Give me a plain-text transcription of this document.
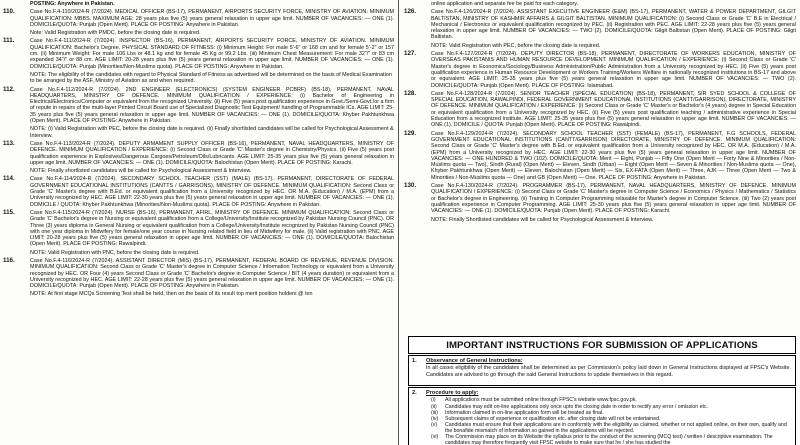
POSTING: Anywhere in Pakistan.
110.	Case No.F.4-110/2024-R (7/2024). MEDICAL OFFICER (BS-17), PERMANENT, AIRPORTS SECURITY FORCE, MINISTRY OF AVIATION. MINIMUM QUALIFICATION: MBBS. MAXIMUM AGE: 28 years plus five (5) years general relaxation in upper age limit. NUMBER OF VACANCIES: — ONE (1). DOMICILE/QUOTA: Punjab (Open Merit). PLACE OF POSTING: Anywhere in Pakistan.

Note: Valid Registration with PMDC, before the closing date is required.
111.	Case No.F.4-111/2024-R (7/2024). INSPECTOR (BS-16), PERMANENT, AIRPORTS SECURITY FORCE, MINISTRY OF AVIATION. MINIMUM QUALIFICATION: Bachelor's Degree. PHYSICAL STANDARD OF FITNESS: (i) Minimum Height: For male 5'-6" or 168 cm and for female 5'-2" or 157 cm. (ii) Minimum Weight: For male 106 Lbs or 48.1 kg and for female 45 Kg or 99.2 Lbs. (iii) Minimum Chest Measurement: For male 32"/" or 83 cm expanded 34"/" or 88 cm. AGE LIMIT: 20-28 years plus five (5) years general relaxation in upper age limit. NUMBER OF VACANCIES: — ONE (1). DOMICILE/QUOTA: Punjab (Minorities/Non-Muslims quota). PLACE OF POSTING: Anywhere in Pakistan.

NOTE: The eligibility of the candidates with regard to Physical Standard of Fitness as advertised will be determined on the basis of Medical Examination to be arranged by the ASF, Ministry of Aviation as and when required.
112.	Case No.F.4-112/2024-R (7/2024). 2ND ENGINEER (ELECTRONICS) (SYSTEM ENGINEER PCBRF) (BS-18), PERMANENT, NAVAL HEADQUARTERS, MINISTRY OF DEFENCE. MINIMUM QUALIFICATION / EXPERIENCE: (i) Bachelor of Engineering in Electrical/Electronics/Computer or equivalent from the recognized University. (ii) Five (5) years post qualification experience in Govt./Semi-Govt./or a firm of repute in repairs of the multi-layer Printed Circuit Board use of Specialized Diagnostic Test Equipment/ handling of Programmable ICs. AGE LIMIT: 25-35 years plus five (5) years general relaxation in upper age limit. NUMBER OF VACANCIES: — ONE (1). DOMICILE/QUOTA: Khyber Pakhtunkhwa (Open Merit). PLACE OF POSTING: Anywhere in Pakistan.

NOTE: (i) Valid Registration with PEC, before the closing date is required. (ii) Finally shortlisted candidates will be called for Psychological Assessment & Interview.
113.	Case No.F.4-113/2024-R (7/2024). DEPUTY ARMAMENT SUPPLY OFFICER (BS-16), PERMANENT, NAVAL HEADQUARTERS, MINISTRY OF DEFENCE. MINIMUM QUALIFICATION / EXPERIENCE: (i) Second Class or Grade 'C' Master's degree in Chemistry/Physics. (ii) Five (5) years post qualification experience in Explosives/Dangerous Cargoes/Petroleum/Oils/Lubricants. AGE LIMIT: 25-35 years plus five (5) years general relaxation in upper age limit. NUMBER OF VACANCIES: — ONE (1). DOMICILE/QUOTA: Balochistan (Open Merit). PLACE OF POSTING: Karachi.

NOTE: Finally shortlisted candidates will be called for Psychological Assessment & Interview.
114.	Case No.F.4-114/2024-R (7/2024). SECONDARY SCHOOL TEACHER (SST) (MALE) (BS-17), PERMANENT, DIRECTORATE OF FEDERAL GOVERNMENT EDUCATIONAL INSTITUTIONS (CANTTS / GARRISONS), MINISTRY OF DEFENCE. MINIMUM QUALIFICATION: Second Class or Grade 'C' Master's degree with B.Ed. or equivalent qualification from a University recognized by HEC. OR M.A. (Education) / M.A. (EPM) from a University recognized by HEC. AGE LIMIT: 22-30 years plus five (5) years general relaxation in upper age limit. NUMBER OF VACANCIES: — ONE (1). DOMICILE / QUOTA: Khyber Pakhtunkhwa (Minorities/Non-Muslims quota). PLACE OF POSTING: Anywhere in Pakistan.

115.	Case No.F.4-115/2024-R (7/2024). NURSE (BS-16), PERMANENT, AFIRL, MINISTRY OF DEFENCE. MINIMUM QUALIFICATION: Second Class or Grade 'C' Bachelor's degree in Nursing or equivalent qualification from a College/University/Institute recognized by Pakistan Nursing Council (PNC). OR Three (3) years diploma in General Nursing or equivalent qualification from a College/University/Institute recognized by Pakistan Nursing Council (PNC) with one year diploma in Midwifery for female/one year course in Nursing related field in lieu of Midwifery for male. (ii) Valid registration with PNC. AGE LIMIT: 20-28 years plus five (5) years general relaxation in upper age limit. NUMBER OF VACANCIES: — ONE (1). DOMICILE/QUOTA: Balochistan (Open Merit). PLACE OF POSTING: Rawalpindi.

NOTE: Valid Registration with PNC, before the closing date is required.
116.	Case No.F.4-116/2024-R (7/2024). ASSISTANT DIRECTOR (MIS) (BS-17), PERMANENT, FEDERAL BOARD OF REVENUE, REVENUE DIVISION. MINIMUM QUALIFICATION: Second Class or Grade 'C' Master's degree in Computer Science / Information Technology or equivalent from a University recognized by HEC. OR Four (4) years Second Class or Grade 'C' Bachelor's degree in Computer Science / BIT (4 years duration) or equivalent from a University recognized by HEC. AGE LIMIT: 22-28 years plus five (5) years general relaxation in upper age limit. NUMBER OF VACANCIES: — ONE (1). DOMICILE/QUOTA: Punjab (Open Merit). PLACE OF POSTING: Anywhere in Pakistan.

NOTE: At first stage MCQs Screening Test shall be held, then on the basis of its result top merit position holders @ ten
online application and separate fee be paid for each category.
126.	Case No.F.4-126/2024-R (7/2024). ASSISTANT EXECUTIVE ENGINEER (E&M) (BS-17), PERMANENT, WATER & POWER DEPARTMENT, GILGIT BALTISTAN, MINISTRY OF KASHMIR AFFAIRS & GILGIT BALTISTAN. MINIMUM QUALIFICATION: (i) Second Class or Grade 'C' B.E in Electrical / Mechanical / Electronics or equivalent qualification recognized by PEC. (ii) Registration with PEC. AGE LIMIT: 22-28 years plus five (5) years general relaxation in upper age limit. NUMBER OF VACANCIES: — TWO (2). DOMICILE/QUOTA: Gilgit Baltistan (Open Merit). PLACE OF POSTING: Gilgit Baltistan.

NOTE: Valid Registration with PEC, before the closing date is required.
127.	Case No.F.4-127/2024-R (7/2024). DEPUTY DIRECTOR (BS-18), PERMANENT, DIRECTORATE OF WORKERS EDUCATION, MINISTRY OF OVERSEAS PAKISTANIS AND HUMAN RESOURCE DEVELOPMENT. MINIMUM QUALIFICATION / EXPERIENCE: (i) Second Class or Grade 'C' Master's degree in Economics/Sociology/Business Administration/Public Administration from a University recognized by HEC. (ii) Five (5) years post qualification experience in Human Resource Development or Workers Training/Workers Welfare in nationally recognized institutions in BS-17 and above or equivalent. AGE LIMIT: 25-35 years plus five (5) years general relaxation in upper age limit. NUMBER OF VACANCIES: — TWO (2). DOMICILE/QUOTA: Punjab (Open Merit). PLACE OF POSTING: Islamabad.

128.	Case No.F.4-128/2024-R (7/2024). SENIOR TEACHER (SPECIAL EDUCATION) (BS-18), PERMANENT, SIR SYED SCHOOL & COLLEGE OF SPECIAL EDUCATION, RAWALPINDI, FEDERAL GOVERNMENT EDUCATIONAL INSTITUTIONS (CANTT/GARRISON), DIRECTORATE, MINISTRY OF DEFENCE. MINIMUM QUALIFICATION / EXPERIENCE: (i) Second Class or Grade 'C' Master's or Bachelor's (4 years) degree in Special Education or equivalent qualification from a University recognized by HEC. (ii) Five (5) years post qualification teaching / administrative experience in Special Education from a recognized institute. AGE LIMIT: 25-35 years plus five (5) years general relaxation in upper age limit. NUMBER OF VACANCIES: — ONE (1). DOMICILE / QUOTA: Punjab (Open Merit). PLACE OF POSTING: Rawalpindi.

129.	Case No.F.4-129/2024-R (7/2024). SECONDARY SCHOOL TEACHER (SST) (FEMALE) (BS-17), PERMANENT, F.G SCHOOLS, FEDERAL GOVERNMENT EDUCATIONAL INSTITUTIONS (CANTT/GARRISON) DIRECTORATE, MINISTRY OF DEFENCE. MINIMUM QUALIFICATION: Second Class or Grade 'C' Master's degree with B.Ed. or equivalent qualification from a University recognized by HEC. OR M.A. (Education) / M.A. (EPM) from a University recognized by HEC. AGE LIMIT: 22-30 years plus five (5) years general relaxation in upper age limit. NUMBER OF VACANCIES: — ONE HUNDRED & TWO (102). DOMICILE/QUOTA: Merit — Eight, Punjab — Fifty One (Open Merit — Forty Nine & Minorities / Non-Muslims quota — Two), Sindh (Rural) (Open Merit) — Eleven, Sindh (Urban) — Eight (Open Merit — Seven & Minorities / Non-Muslims quota — One), Khyber Pakhtunkhwa (Open Merit) — Eleven, Balochistan (Open Merit) — Six, EX-FATA (Open Merit) — Three, AJK — Three (Open Merit — Two & Minorities / Non-Muslims quota — One) and GB (Open Merit) — One. PLACE OF POSTING: Anywhere in Pakistan.

130.	Case No.F.4-130/2024-R (7/2024). PROGRAMMER (BS-17), PERMANENT, NAVAL HEADQUARTERS, MINISTRY OF DEFENCE. MINIMUM QUALIFICATION / EXPERIENCE: (i) Second Class or Grade 'C' Master's degree in Computer Science / Economics / Physics / Mathematics / Statistics or Bachelor's degree in Engineering. (ii) Training in Computer Programming relaxable for Master's degree in Computer Science. (iii) Two (2) years post qualification experience in Computer Programming. AGE LIMIT: 25-30 years plus five (5) years general relaxation in upper age limit. NUMBER OF VACANCIES: — ONE (1). DOMICILE/QUOTA: Punjab (Open Merit). PLACE OF POSTING: Karachi.

NOTE: Finally Shortlisted candidates will be called for Psychological Assessment & Interview.
IMPORTANT INSTRUCTIONS FOR SUBMISSION OF APPLICATIONS
1.	Observance of General Instructions:
In all cases eligibility of the candidates shall be determined as per Commission's policy laid down in General Instructions displayed at FPSC's Website. Candidates are advised to go through the said General Instructions to update themselves in this regard.
2.	Procedure to apply:
(i)	All applications must be submitted online through FPSC's website www.fpsc.gov.pk.
(ii)	Candidates may edit on-line applications only once upto the closing date in order to rectify any error / omission etc.
(iii)	Information claimed in on-line application form will be treated as final.
(iv)	Subsequent claims of experience or qualification etc. after closing date will not be entertained.
(v)	Candidates must ensure that their applications are in conformity with the eligibility as claimed, whether or not applied online, on their own, qualify and the bonafide mismatch of information so gained in the applications will be rejected.
(vi)	The Commission may place on its Website the syllabus prior to the conduct of the screening (MCQ test) / written / descriptive examination. The candidates may therefore frequently visit FPSC website to make sure that he / she has studied the
